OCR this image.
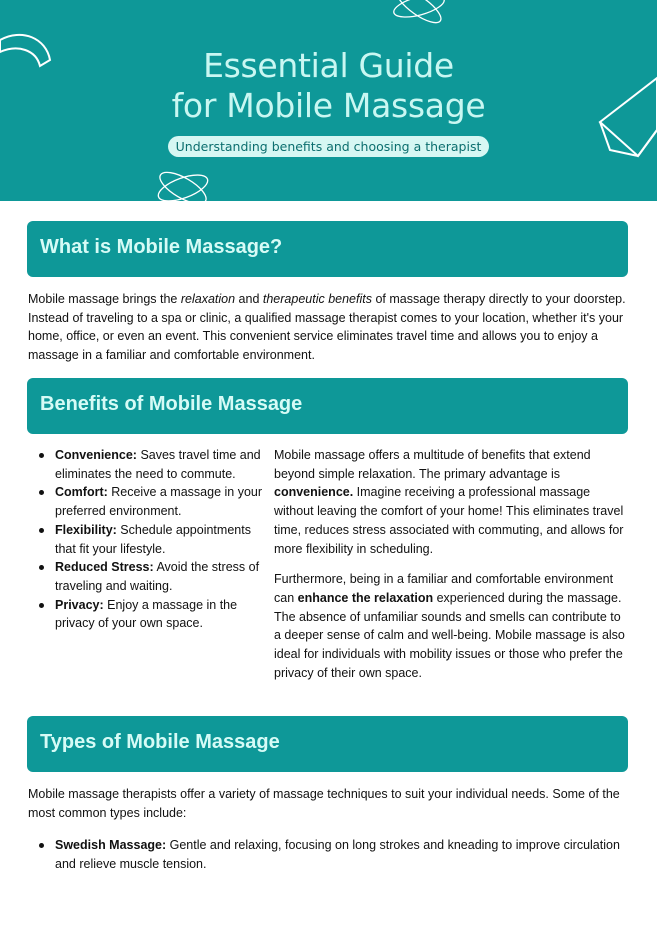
Essential Guide
for Mobile Massage
Understanding benefits and choosing a therapist
What is Mobile Massage?

Mobile massage brings the relaxation and therapeutic benefits of massage therapy directly to your doorstep. Instead of traveling to a spa or clinic, a qualified massage therapist comes to your location, whether it's your home, office, or even an event. This convenient service eliminates travel time and allows you to enjoy a massage in a familiar and comfortable environment.

Benefits of Mobile Massage
Convenience: Saves travel time and eliminates the need to commute.
Comfort: Receive a massage in your preferred environment.
Flexibility: Schedule appointments that fit your lifestyle.
Reduced Stress: Avoid the stress of traveling and waiting.
Privacy: Enjoy a massage in the privacy of your own space.

Mobile massage offers a multitude of benefits that extend beyond simple relaxation. The primary advantage is convenience. Imagine receiving a professional massage without leaving the comfort of your home! This eliminates travel time, reduces stress associated with commuting, and allows for more flexibility in scheduling.

Furthermore, being in a familiar and comfortable environment can enhance the relaxation experienced during the massage. The absence of unfamiliar sounds and smells can contribute to a deeper sense of calm and well-being. Mobile massage is also ideal for individuals with mobility issues or those who prefer the privacy of their own space.

Types of Mobile Massage

Mobile massage therapists offer a variety of massage techniques to suit your individual needs. Some of the most common types include:

Swedish Massage: Gentle and relaxing, focusing on long strokes and kneading to improve circulation and relieve muscle tension.
